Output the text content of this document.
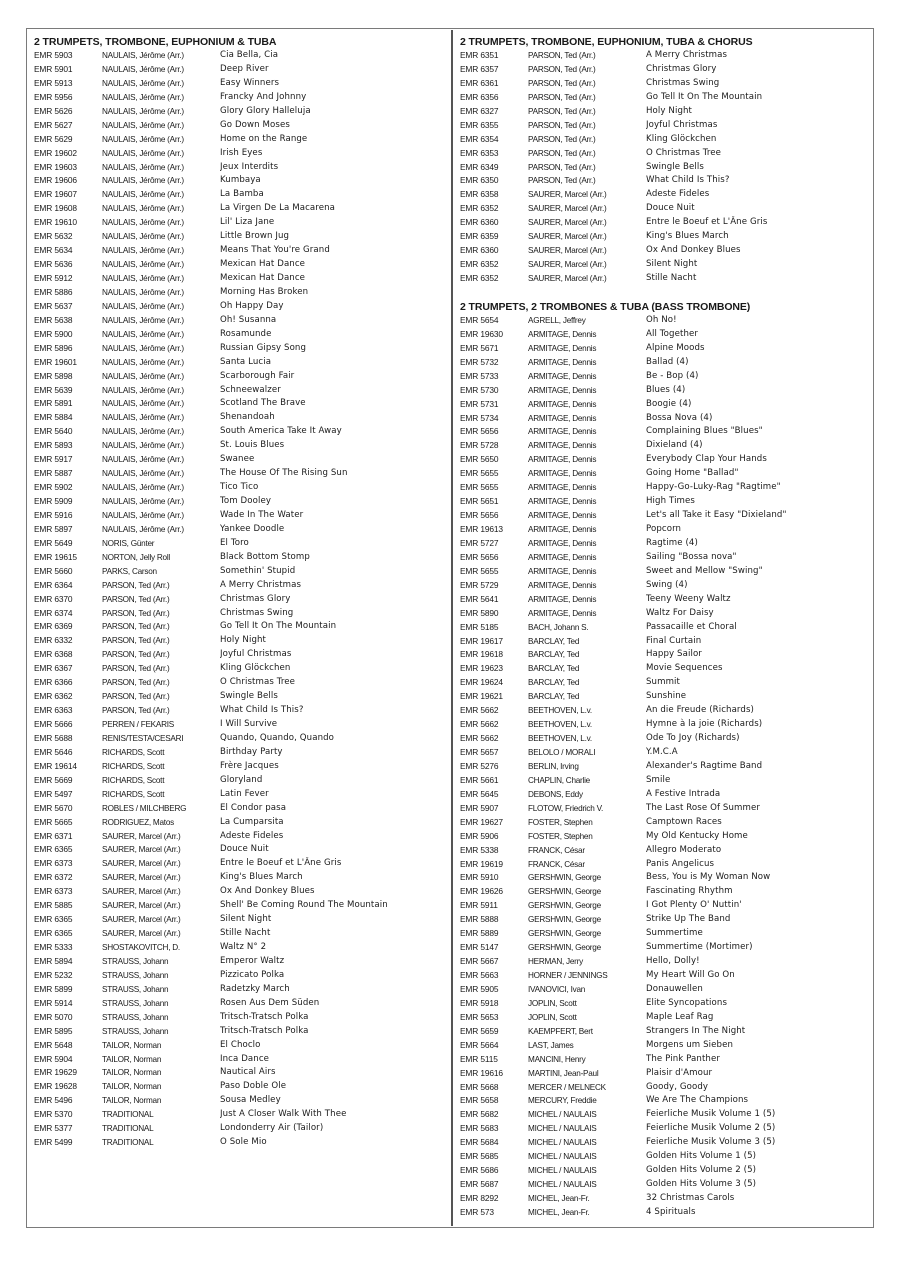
2 TRUMPETS, TROMBONE, EUPHONIUM & TUBA
EMR 5903	NAULAIS, Jérôme (Arr.)	Cia Bella, Cia
EMR 5901	NAULAIS, Jérôme (Arr.)	Deep River
EMR 5913	NAULAIS, Jérôme (Arr.)	Easy Winners
EMR 5956	NAULAIS, Jérôme (Arr.)	Francky And Johnny
EMR 5626	NAULAIS, Jérôme (Arr.)	Glory Glory Halleluja
EMR 5627	NAULAIS, Jérôme (Arr.)	Go Down Moses
EMR 5629	NAULAIS, Jérôme (Arr.)	Home on the Range
EMR 19602	NAULAIS, Jérôme (Arr.)	Irish Eyes
EMR 19603	NAULAIS, Jérôme (Arr.)	Jeux Interdits
EMR 19606	NAULAIS, Jérôme (Arr.)	Kumbaya
EMR 19607	NAULAIS, Jérôme (Arr.)	La Bamba
EMR 19608	NAULAIS, Jérôme (Arr.)	La Virgen De La Macarena
EMR 19610	NAULAIS, Jérôme (Arr.)	Lil' Liza Jane
EMR 5632	NAULAIS, Jérôme (Arr.)	Little Brown Jug
EMR 5634	NAULAIS, Jérôme (Arr.)	Means That You're Grand
EMR 5636	NAULAIS, Jérôme (Arr.)	Mexican Hat Dance
EMR 5912	NAULAIS, Jérôme (Arr.)	Mexican Hat Dance
EMR 5886	NAULAIS, Jérôme (Arr.)	Morning Has Broken
EMR 5637	NAULAIS, Jérôme (Arr.)	Oh Happy Day
EMR 5638	NAULAIS, Jérôme (Arr.)	Oh! Susanna
EMR 5900	NAULAIS, Jérôme (Arr.)	Rosamunde
EMR 5896	NAULAIS, Jérôme (Arr.)	Russian Gipsy Song
EMR 19601	NAULAIS, Jérôme (Arr.)	Santa Lucia
EMR 5898	NAULAIS, Jérôme (Arr.)	Scarborough Fair
EMR 5639	NAULAIS, Jérôme (Arr.)	Schneewalzer
EMR 5891	NAULAIS, Jérôme (Arr.)	Scotland The Brave
EMR 5884	NAULAIS, Jérôme (Arr.)	Shenandoah
EMR 5640	NAULAIS, Jérôme (Arr.)	South America Take It Away
EMR 5893	NAULAIS, Jérôme (Arr.)	St. Louis Blues
EMR 5917	NAULAIS, Jérôme (Arr.)	Swanee
EMR 5887	NAULAIS, Jérôme (Arr.)	The House Of The Rising Sun
EMR 5902	NAULAIS, Jérôme (Arr.)	Tico Tico
EMR 5909	NAULAIS, Jérôme (Arr.)	Tom Dooley
EMR 5916	NAULAIS, Jérôme (Arr.)	Wade In The Water
EMR 5897	NAULAIS, Jérôme (Arr.)	Yankee Doodle
EMR 5649	NORIS, Günter	El Toro
EMR 19615	NORTON, Jelly Roll	Black Bottom Stomp
EMR 5660	PARKS, Carson	Somethin' Stupid
EMR 6364	PARSON, Ted (Arr.)	A Merry Christmas
EMR 6370	PARSON, Ted (Arr.)	Christmas Glory
EMR 6374	PARSON, Ted (Arr.)	Christmas Swing
EMR 6369	PARSON, Ted (Arr.)	Go Tell It On The Mountain
EMR 6332	PARSON, Ted (Arr.)	Holy Night
EMR 6368	PARSON, Ted (Arr.)	Joyful Christmas
EMR 6367	PARSON, Ted (Arr.)	Kling Glöckchen
EMR 6366	PARSON, Ted (Arr.)	O Christmas Tree
EMR 6362	PARSON, Ted (Arr.)	Swingle Bells
EMR 6363	PARSON, Ted (Arr.)	What Child Is This?
EMR 5666	PERREN / FEKARIS	I Will Survive
EMR 5688	RENIS/TESTA/CESARI	Quando, Quando, Quando
EMR 5646	RICHARDS, Scott	Birthday Party
EMR 19614	RICHARDS, Scott	Frère Jacques
EMR 5669	RICHARDS, Scott	Gloryland
EMR 5497	RICHARDS, Scott	Latin Fever
EMR 5670	ROBLES / MILCHBERG	El Condor pasa
EMR 5665	RODRIGUEZ, Matos	La Cumparsita
EMR 6371	SAURER, Marcel (Arr.)	Adeste Fideles
EMR 6365	SAURER, Marcel (Arr.)	Douce Nuit
EMR 6373	SAURER, Marcel (Arr.)	Entre le Boeuf et L'Âne Gris
EMR 6372	SAURER, Marcel (Arr.)	King's Blues March
EMR 6373	SAURER, Marcel (Arr.)	Ox And Donkey Blues
EMR 5885	SAURER, Marcel (Arr.)	Shell' Be Coming Round The Mountain
EMR 6365	SAURER, Marcel (Arr.)	Silent Night
EMR 6365	SAURER, Marcel (Arr.)	Stille Nacht
EMR 5333	SHOSTAKOVITCH, D.	Waltz N° 2
EMR 5894	STRAUSS, Johann	Emperor Waltz
EMR 5232	STRAUSS, Johann	Pizzicato Polka
EMR 5899	STRAUSS, Johann	Radetzky March
EMR 5914	STRAUSS, Johann	Rosen Aus Dem Süden
EMR 5070	STRAUSS, Johann	Tritsch-Tratsch Polka
EMR 5895	STRAUSS, Johann	Tritsch-Tratsch Polka
EMR 5648	TAILOR, Norman	El Choclo
EMR 5904	TAILOR, Norman	Inca Dance
EMR 19629	TAILOR, Norman	Nautical Airs
EMR 19628	TAILOR, Norman	Paso Doble Ole
EMR 5496	TAILOR, Norman	Sousa Medley
EMR 5370	TRADITIONAL	Just A Closer Walk With Thee
EMR 5377	TRADITIONAL	Londonderry Air (Tailor)
EMR 5499	TRADITIONAL	O Sole Mio
2 TRUMPETS, TROMBONE, EUPHONIUM, TUBA & CHORUS
EMR 6351	PARSON, Ted (Arr.)	A Merry Christmas
EMR 6357	PARSON, Ted (Arr.)	Christmas Glory
EMR 6361	PARSON, Ted (Arr.)	Christmas Swing
EMR 6356	PARSON, Ted (Arr.)	Go Tell It On The Mountain
EMR 6327	PARSON, Ted (Arr.)	Holy Night
EMR 6355	PARSON, Ted (Arr.)	Joyful Christmas
EMR 6354	PARSON, Ted (Arr.)	Kling Glöckchen
EMR 6353	PARSON, Ted (Arr.)	O Christmas Tree
EMR 6349	PARSON, Ted (Arr.)	Swingle Bells
EMR 6350	PARSON, Ted (Arr.)	What Child Is This?
EMR 6358	SAURER, Marcel (Arr.)	Adeste Fideles
EMR 6352	SAURER, Marcel (Arr.)	Douce Nuit
EMR 6360	SAURER, Marcel (Arr.)	Entre le Boeuf et L'Âne Gris
EMR 6359	SAURER, Marcel (Arr.)	King's Blues March
EMR 6360	SAURER, Marcel (Arr.)	Ox And Donkey Blues
EMR 6352	SAURER, Marcel (Arr.)	Silent Night
EMR 6352	SAURER, Marcel (Arr.)	Stille Nacht
2 TRUMPETS, 2 TROMBONES & TUBA (BASS TROMBONE)
EMR 5654	AGRELL, Jeffrey	Oh No!
EMR 19630	ARMITAGE, Dennis	All Together
EMR 5671	ARMITAGE, Dennis	Alpine Moods
EMR 5732	ARMITAGE, Dennis	Ballad (4)
EMR 5733	ARMITAGE, Dennis	Be - Bop (4)
EMR 5730	ARMITAGE, Dennis	Blues (4)
EMR 5731	ARMITAGE, Dennis	Boogie (4)
EMR 5734	ARMITAGE, Dennis	Bossa Nova (4)
EMR 5656	ARMITAGE, Dennis	Complaining Blues "Blues"
EMR 5728	ARMITAGE, Dennis	Dixieland (4)
EMR 5650	ARMITAGE, Dennis	Everybody Clap Your Hands
EMR 5655	ARMITAGE, Dennis	Going Home "Ballad"
EMR 5655	ARMITAGE, Dennis	Happy-Go-Luky-Rag "Ragtime"
EMR 5651	ARMITAGE, Dennis	High Times
EMR 5656	ARMITAGE, Dennis	Let's all Take it Easy "Dixieland"
EMR 19613	ARMITAGE, Dennis	Popcorn
EMR 5727	ARMITAGE, Dennis	Ragtime (4)
EMR 5656	ARMITAGE, Dennis	Sailing "Bossa nova"
EMR 5655	ARMITAGE, Dennis	Sweet and Mellow "Swing"
EMR 5729	ARMITAGE, Dennis	Swing (4)
EMR 5641	ARMITAGE, Dennis	Teeny Weeny Waltz
EMR 5890	ARMITAGE, Dennis	Waltz For Daisy
EMR 5185	BACH, Johann S.	Passacaille et Choral
EMR 19617	BARCLAY, Ted	Final Curtain
EMR 19618	BARCLAY, Ted	Happy Sailor
EMR 19623	BARCLAY, Ted	Movie Sequences
EMR 19624	BARCLAY, Ted	Summit
EMR 19621	BARCLAY, Ted	Sunshine
EMR 5662	BEETHOVEN, L.v.	An die Freude (Richards)
EMR 5662	BEETHOVEN, L.v.	Hymne à la joie (Richards)
EMR 5662	BEETHOVEN, L.v.	Ode To Joy (Richards)
EMR 5657	BELOLO / MORALI	Y.M.C.A
EMR 5276	BERLIN, Irving	Alexander's Ragtime Band
EMR 5661	CHAPLIN, Charlie	Smile
EMR 5645	DEBONS, Eddy	A Festive Intrada
EMR 5907	FLOTOW, Friedrich V.	The Last Rose Of Summer
EMR 19627	FOSTER, Stephen	Camptown Races
EMR 5906	FOSTER, Stephen	My Old Kentucky Home
EMR 5338	FRANCK, César	Allegro Moderato
EMR 19619	FRANCK, César	Panis Angelicus
EMR 5910	GERSHWIN, George	Bess, You is My Woman Now
EMR 19626	GERSHWIN, George	Fascinating Rhythm
EMR 5911	GERSHWIN, George	I Got Plenty O' Nuttin'
EMR 5888	GERSHWIN, George	Strike Up The Band
EMR 5889	GERSHWIN, George	Summertime
EMR 5147	GERSHWIN, George	Summertime (Mortimer)
EMR 5667	HERMAN, Jerry	Hello, Dolly!
EMR 5663	HORNER / JENNINGS	My Heart Will Go On
EMR 5905	IVANOVICI, Ivan	Donauwellen
EMR 5918	JOPLIN, Scott	Elite Syncopations
EMR 5653	JOPLIN, Scott	Maple Leaf Rag
EMR 5659	KAEMPFERT, Bert	Strangers In The Night
EMR 5664	LAST, James	Morgens um Sieben
EMR 5115	MANCINI, Henry	The Pink Panther
EMR 19616	MARTINI, Jean-Paul	Plaisir d'Amour
EMR 5668	MERCER / MELNECK	Goody, Goody
EMR 5658	MERCURY, Freddie	We Are The Champions
EMR 5682	MICHEL / NAULAIS	Feierliche Musik Volume 1 (5)
EMR 5683	MICHEL / NAULAIS	Feierliche Musik Volume 2 (5)
EMR 5684	MICHEL / NAULAIS	Feierliche Musik Volume 3 (5)
EMR 5685	MICHEL / NAULAIS	Golden Hits Volume 1 (5)
EMR 5686	MICHEL / NAULAIS	Golden Hits Volume 2 (5)
EMR 5687	MICHEL / NAULAIS	Golden Hits Volume 3 (5)
EMR 8292	MICHEL, Jean-Fr.	32 Christmas Carols
EMR 573	MICHEL, Jean-Fr.	4 Spirituals
